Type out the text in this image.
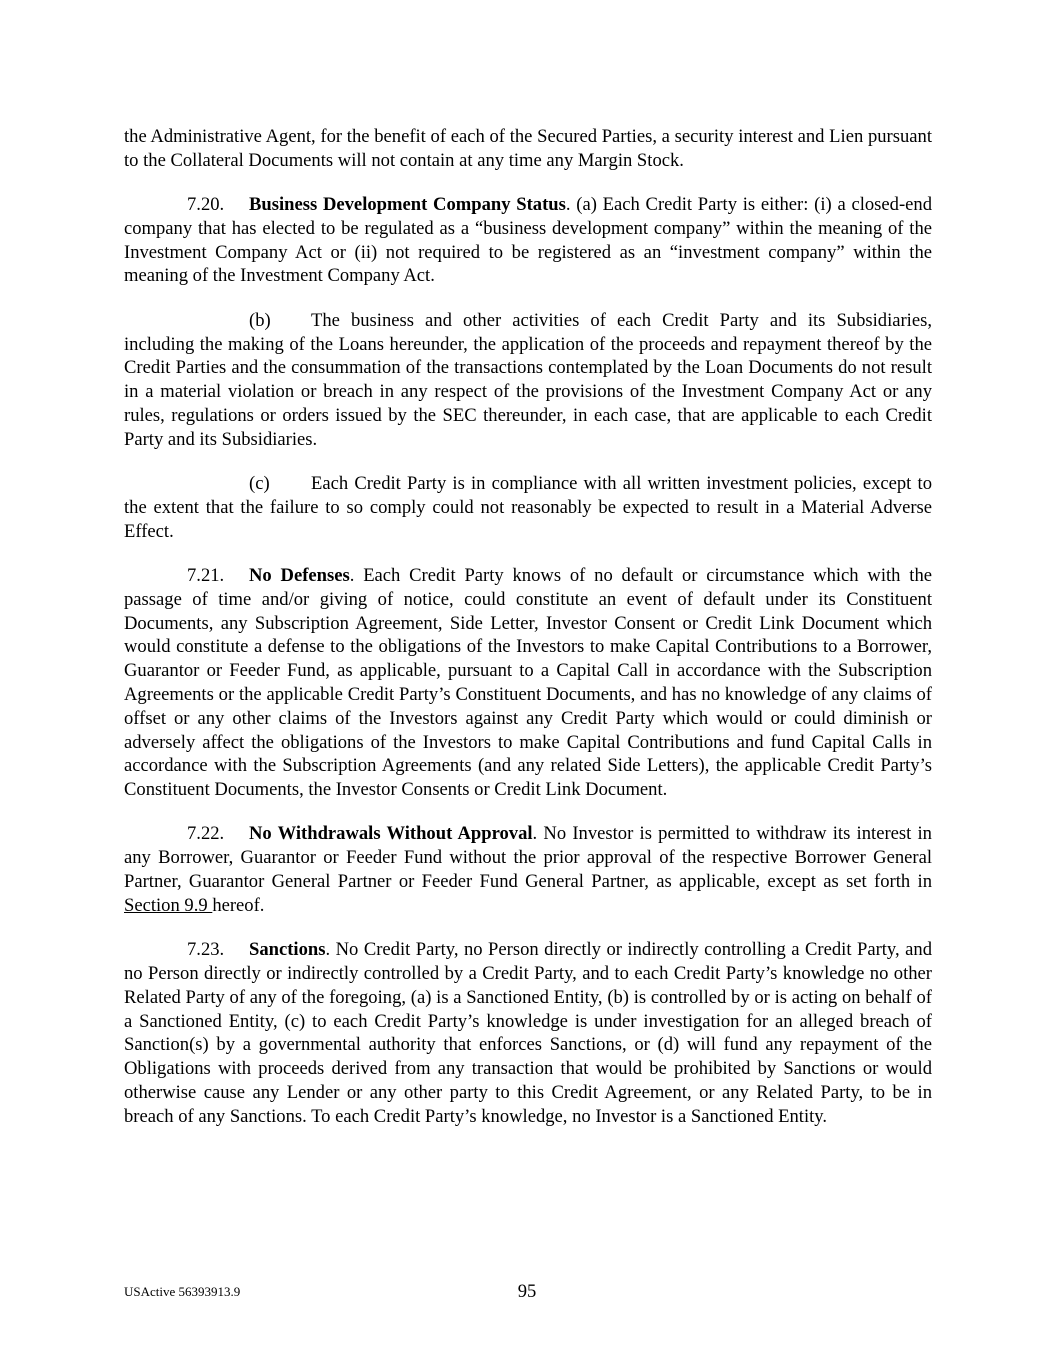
the Administrative Agent, for the benefit of each of the Secured Parties, a security interest and Lien pursuant to the Collateral Documents will not contain at any time any Margin Stock.

7.20. Business Development Company Status. (a) Each Credit Party is either: (i) a closed-end company that has elected to be regulated as a “business development company” within the meaning of the Investment Company Act or (ii) not required to be registered as an “investment company” within the meaning of the Investment Company Act.

(b) The business and other activities of each Credit Party and its Subsidiaries, including the making of the Loans hereunder, the application of the proceeds and repayment thereof by the Credit Parties and the consummation of the transactions contemplated by the Loan Documents do not result in a material violation or breach in any respect of the provisions of the Investment Company Act or any rules, regulations or orders issued by the SEC thereunder, in each case, that are applicable to each Credit Party and its Subsidiaries.

(c) Each Credit Party is in compliance with all written investment policies, except to the extent that the failure to so comply could not reasonably be expected to result in a Material Adverse Effect.

7.21. No Defenses. Each Credit Party knows of no default or circumstance which with the passage of time and/or giving of notice, could constitute an event of default under its Constituent Documents, any Subscription Agreement, Side Letter, Investor Consent or Credit Link Document which would constitute a defense to the obligations of the Investors to make Capital Contributions to a Borrower, Guarantor or Feeder Fund, as applicable, pursuant to a Capital Call in accordance with the Subscription Agreements or the applicable Credit Party’s Constituent Documents, and has no knowledge of any claims of offset or any other claims of the Investors against any Credit Party which would or could diminish or adversely affect the obligations of the Investors to make Capital Contributions and fund Capital Calls in accordance with the Subscription Agreements (and any related Side Letters), the applicable Credit Party’s Constituent Documents, the Investor Consents or Credit Link Document.

7.22. No Withdrawals Without Approval. No Investor is permitted to withdraw its interest in any Borrower, Guarantor or Feeder Fund without the prior approval of the respective Borrower General Partner, Guarantor General Partner or Feeder Fund General Partner, as applicable, except as set forth in Section 9.9 hereof.

7.23. Sanctions. No Credit Party, no Person directly or indirectly controlling a Credit Party, and no Person directly or indirectly controlled by a Credit Party, and to each Credit Party’s knowledge no other Related Party of any of the foregoing, (a) is a Sanctioned Entity, (b) is controlled by or is acting on behalf of a Sanctioned Entity, (c) to each Credit Party’s knowledge is under investigation for an alleged breach of Sanction(s) by a governmental authority that enforces Sanctions, or (d) will fund any repayment of the Obligations with proceeds derived from any transaction that would be prohibited by Sanctions or would otherwise cause any Lender or any other party to this Credit Agreement, or any Related Party, to be in breach of any Sanctions. To each Credit Party’s knowledge, no Investor is a Sanctioned Entity.

USActive 56393913.9	95
